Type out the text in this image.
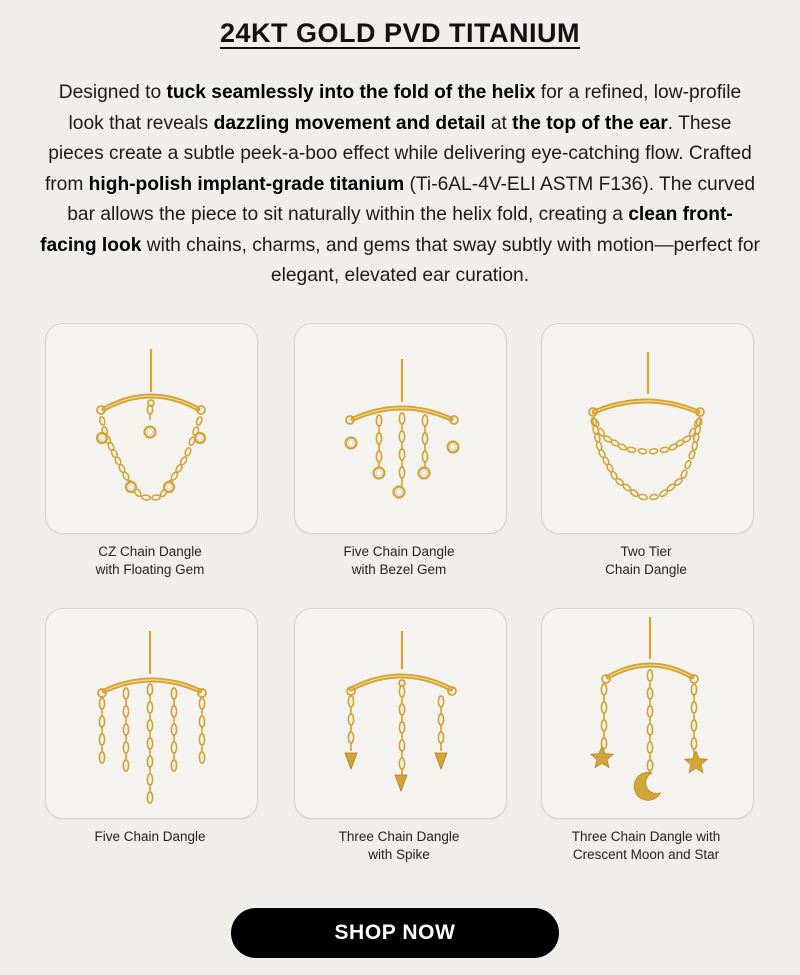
24KT GOLD PVD TITANIUM
Designed to tuck seamlessly into the fold of the helix for a refined, low-profile look that reveals dazzling movement and detail at the top of the ear. These pieces create a subtle peek-a-boo effect while delivering eye-catching flow. Crafted from high-polish implant-grade titanium (Ti-6AL-4V-ELI ASTM F136). The curved bar allows the piece to sit naturally within the helix fold, creating a clean front-facing look with chains, charms, and gems that sway subtly with motion—perfect for elegant, elevated ear curation.
CZ Chain Dangle
with Floating Gem
Five Chain Dangle
with Bezel Gem
Two Tier
Chain Dangle
Five Chain Dangle	Three Chain Dangle
with Spike
Three Chain Dangle with
Crescent Moon and Star
SHOP NOW
